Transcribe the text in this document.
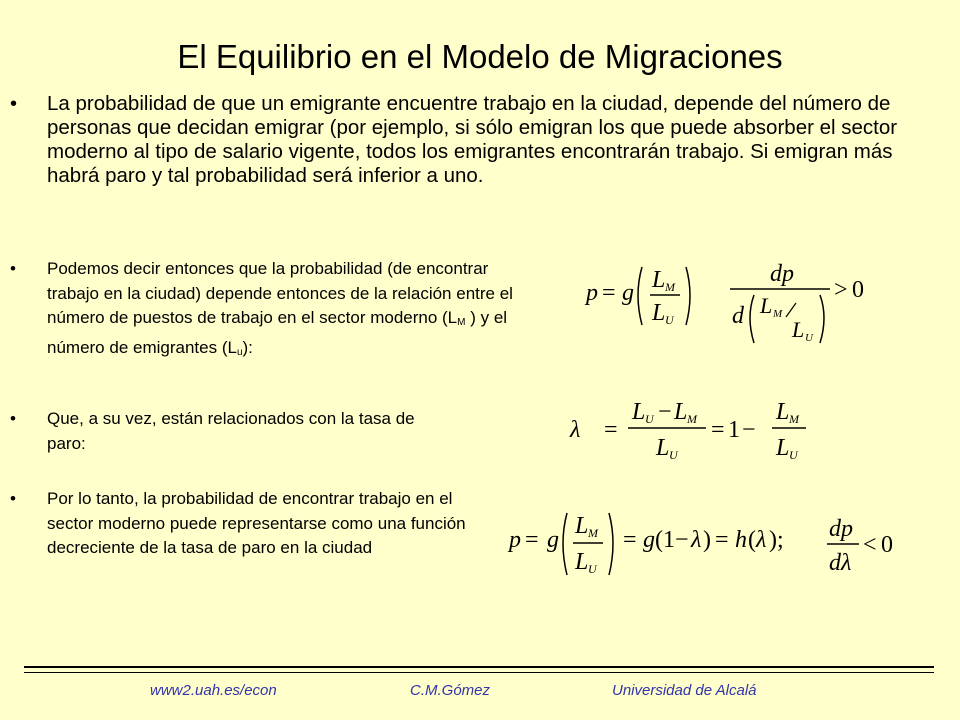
El Equilibrio en el Modelo de Migraciones
• La probabilidad de que un emigrante encuentre trabajo en la ciudad, depende del número de personas que decidan emigrar (por ejemplo, si sólo emigran los que puede absorber el sector moderno al tipo de salario vigente, todos los emigrantes encontrarán trabajo. Si emigran más habrá paro y tal probabilidad será inferior a uno.
• Podemos decir entonces que la probabilidad (de encontrar trabajo en la ciudad) depende entonces de la relación entre el número de puestos de trabajo en el sector moderno ($L_M$ ) y el número de emigrantes $(L_u)$:
• Que, a su vez, están relacionados con la tasa de paro:
• Por lo tanto, la probabilidad de encontrar trabajo en el sector moderno puede representarse como una función decreciente de la tasa de paro en la ciudad
p = g L M
L U
dp
d L M
L U
> 0
λ =
L U − L M
L U
= 1 −
L M
L U
p = g
L M
L U
= g (1− λ ) = h ( λ ); dp
dλ
< 0
www2.uah.es/econ	C.M.Gómez	Universidad de Alcalá
